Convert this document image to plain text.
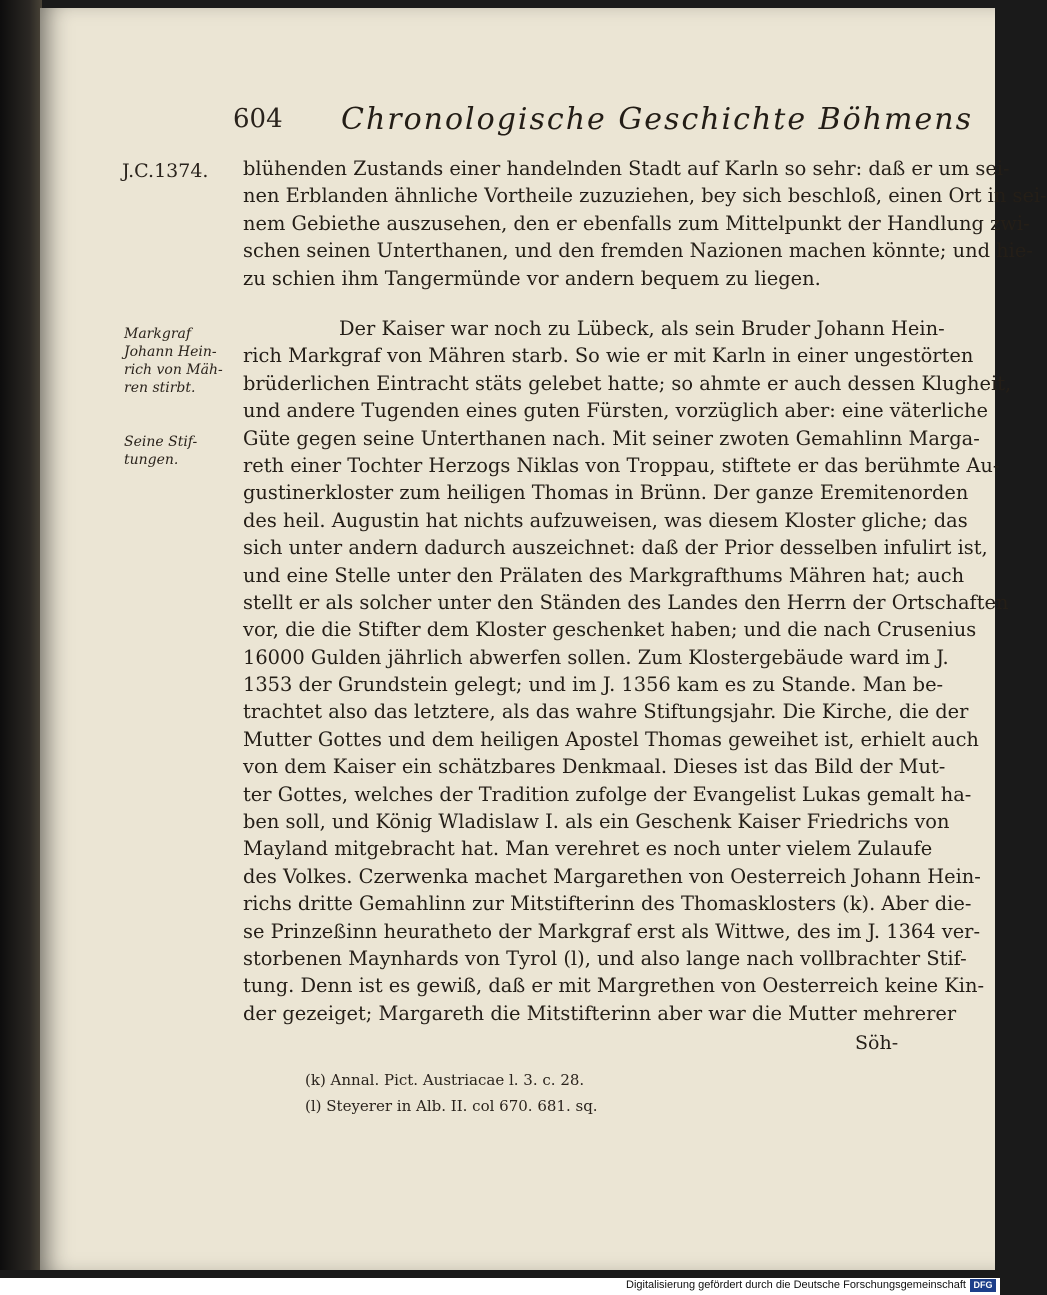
604 Chronologische Geschichte Böhmens
J.C.1374.
Markgraf Johann Hein- rich von Mäh- ren stirbt.
Seine Stif- tungen.
blühenden Zustands einer handelnden Stadt auf Karln so sehr: daß er um sei-
nen Erblanden ähnliche Vortheile zuzuziehen, bey sich beschloß, einen Ort in sei-
nem Gebiethe auszusehen, den er ebenfalls zum Mittelpunkt der Handlung zwi-
schen seinen Unterthanen, und den fremden Nazionen machen könnte; und hie-
zu schien ihm Tangermünde vor andern bequem zu liegen.
Der Kaiser war noch zu Lübeck, als sein Bruder Johann Hein-
rich Markgraf von Mähren starb. So wie er mit Karln in einer ungestörten
brüderlichen Eintracht stäts gelebet hatte; so ahmte er auch dessen Klugheit,
und andere Tugenden eines guten Fürsten, vorzüglich aber: eine väterliche
Güte gegen seine Unterthanen nach. Mit seiner zwoten Gemahlinn Marga-
reth einer Tochter Herzogs Niklas von Troppau, stiftete er das berühmte Au-
gustinerkloster zum heiligen Thomas in Brünn. Der ganze Eremitenorden
des heil. Augustin hat nichts aufzuweisen, was diesem Kloster gliche; das
sich unter andern dadurch auszeichnet: daß der Prior desselben infulirt ist,
und eine Stelle unter den Prälaten des Markgrafthums Mähren hat; auch
stellt er als solcher unter den Ständen des Landes den Herrn der Ortschaften
vor, die die Stifter dem Kloster geschenket haben; und die nach Crusenius
16000 Gulden jährlich abwerfen sollen. Zum Klostergebäude ward im J.
1353 der Grundstein gelegt; und im J. 1356 kam es zu Stande. Man be-
trachtet also das letztere, als das wahre Stiftungsjahr. Die Kirche, die der
Mutter Gottes und dem heiligen Apostel Thomas geweihet ist, erhielt auch
von dem Kaiser ein schätzbares Denkmaal. Dieses ist das Bild der Mut-
ter Gottes, welches der Tradition zufolge der Evangelist Lukas gemalt ha-
ben soll, und König Wladislaw I. als ein Geschenk Kaiser Friedrichs von
Mayland mitgebracht hat. Man verehret es noch unter vielem Zulaufe
des Volkes. Czerwenka machet Margarethen von Oesterreich Johann Hein-
richs dritte Gemahlinn zur Mitstifterinn des Thomasklosters (k). Aber die-
se Prinzeßinn heuratheto der Markgraf erst als Wittwe, des im J. 1364 ver-
storbenen Maynhards von Tyrol (l), und also lange nach vollbrachter Stif-
tung. Denn ist es gewiß, daß er mit Margrethen von Oesterreich keine Kin-
der gezeiget; Margareth die Mitstifterinn aber war die Mutter mehrerer
Söh-
(k) Annal. Pict. Austriacae l. 3. c. 28.
(l) Steyerer in Alb. II. col 670. 681. sq.
Digitalisierung gefördert durch die Deutsche Forschungsgemeinschaft DFG
